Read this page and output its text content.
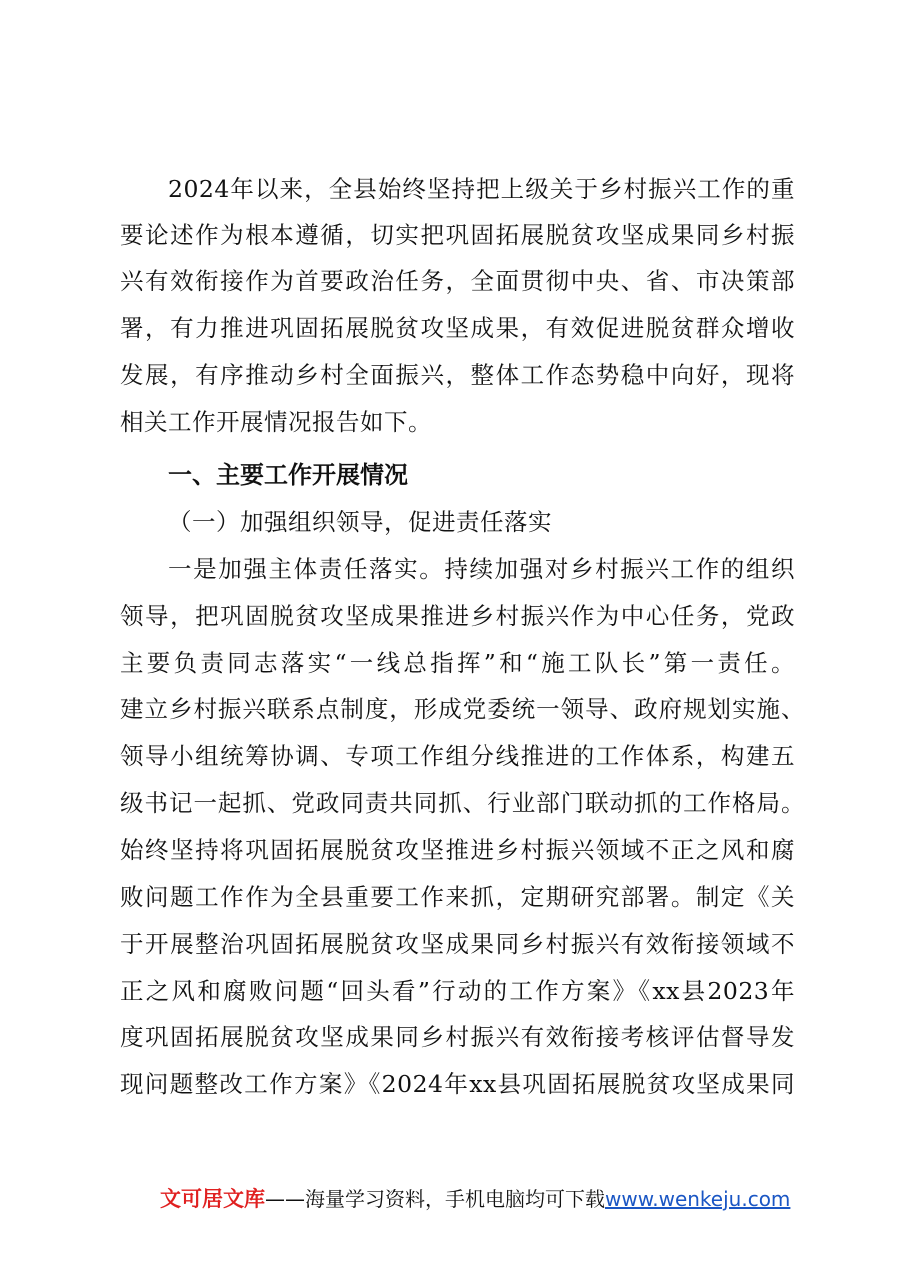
2024年以来，全县始终坚持把上级关于乡村振兴工作的重
要论述作为根本遵循，切实把巩固拓展脱贫攻坚成果同乡村振
兴有效衔接作为首要政治任务，全面贯彻中央、省、市决策部
署，有力推进巩固拓展脱贫攻坚成果，有效促进脱贫群众增收
发展，有序推动乡村全面振兴，整体工作态势稳中向好，现将
相关工作开展情况报告如下。
一、主要工作开展情况
（一）加强组织领导，促进责任落实
一是加强主体责任落实。持续加强对乡村振兴工作的组织
领导，把巩固脱贫攻坚成果推进乡村振兴作为中心任务，党政
主要负责同志落实“一线总指挥”和“施工队长”第一责任。
建立乡村振兴联系点制度，形成党委统一领导、政府规划实施、
领导小组统筹协调、专项工作组分线推进的工作体系，构建五
级书记一起抓、党政同责共同抓、行业部门联动抓的工作格局。
始终坚持将巩固拓展脱贫攻坚推进乡村振兴领域不正之风和腐
败问题工作作为全县重要工作来抓，定期研究部署。制定《关
于开展整治巩固拓展脱贫攻坚成果同乡村振兴有效衔接领域不
正之风和腐败问题“回头看”行动的工作方案》《xx县2023年
度巩固拓展脱贫攻坚成果同乡村振兴有效衔接考核评估督导发
现问题整改工作方案》《2024年xx县巩固拓展脱贫攻坚成果同
文可居文库——海量学习资料，手机电脑均可下载www.wenkeju.com
